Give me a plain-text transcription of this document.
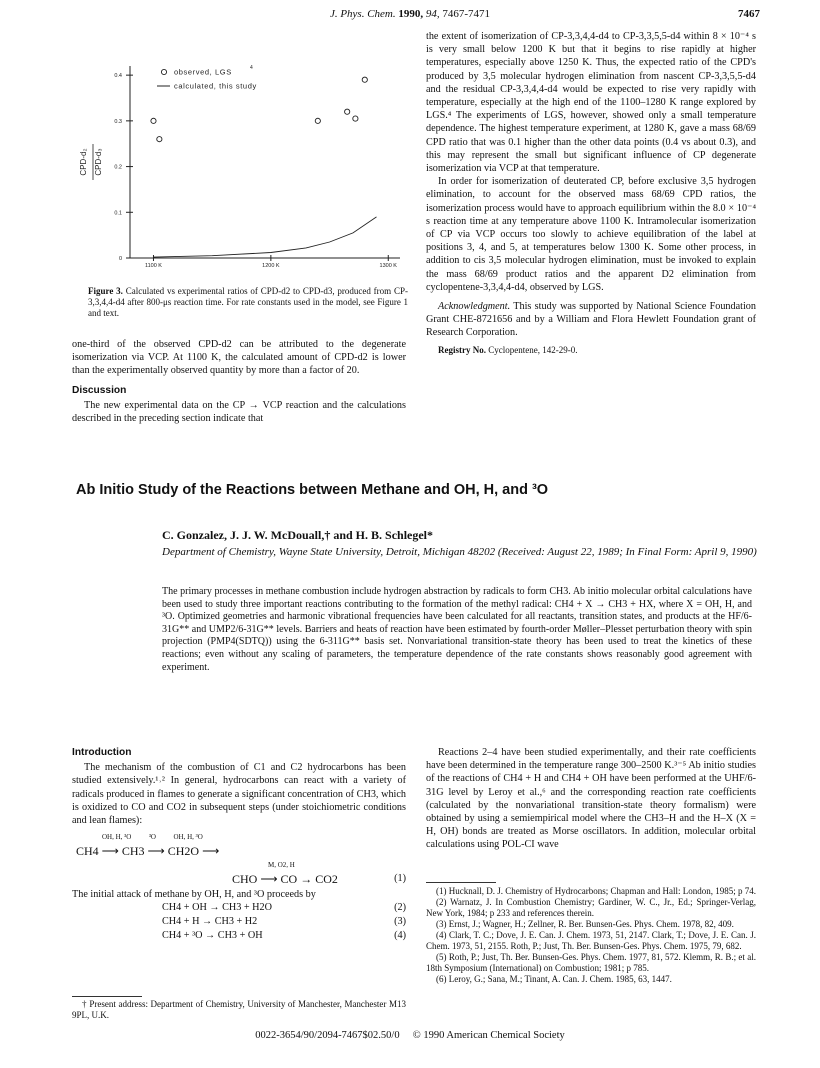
J. Phys. Chem. 1990, 94, 7467-7471	7467
0
0.1
0.2
0.3
0.4
1100 K	1200 K	1300 K
CPD-d₂ CPD-d₃
observed, LGS	4
calculated, this study
Figure 3. Calculated vs experimental ratios of CPD-d2 to CPD-d3, produced from CP-3,3,4,4-d4 after 800-μs reaction time. For rate constants used in the model, see Figure 1 and text.

one-third of the observed CPD-d2 can be attributed to the degenerate isomerization via VCP. At 1100 K, the calculated amount of CPD-d2 is lower than the experimentally observed quantity by more than a factor of 20.

Discussion

The new experimental data on the CP → VCP reaction and the calculations described in the preceding section indicate that

the extent of isomerization of CP-3,3,4,4-d4 to CP-3,3,5,5-d4 within 8 × 10⁻⁴ s is very small below 1200 K but that it begins to rise rapidly at higher temperatures, especially above 1250 K. Thus, the expected ratio of the CPD's produced by 3,5 molecular hydrogen elimination from nascent CP-3,3,5,5-d4 and the residual CP-3,3,4,4-d4 would be expected to rise very rapidly with temperature, especially at the high end of the 1100–1280 K range explored by LGS.⁴ The experiments of LGS, however, showed only a small temperature dependence. The highest temperature experiment, at 1280 K, gave a mass 68/69 CPD ratio that was 0.1 higher than the other data points (0.4 vs about 0.3), and this may represent the small but significant influence of CP degenerate isomerization via VCP at that temperature.

In order for isomerization of deuterated CP, before exclusive 3,5 hydrogen elimination, to account for the observed mass 68/69 CPD ratios, the isomerization process would have to approach equilibrium within the 8.0 × 10⁻⁴ s reaction time at any temperature above 1100 K. Intramolecular isomerization of CP via VCP occurs too slowly to achieve equilibration of the label at positions 3, 4, and 5, at temperatures below 1300 K. Some other process, in addition to cis 3,5 molecular hydrogen elimination, must be invoked to explain the mass 68/69 product ratios and the apparent D2 elimination from cyclopentene-3,3,4,4-d4, observed by LGS.

Acknowledgment. This study was supported by National Science Foundation Grant CHE-8721656 and by a William and Flora Hewlett Foundation grant of Research Corporation.

Registry No. Cyclopentene, 142-29-0.

Ab Initio Study of the Reactions between Methane and OH, H, and ³O
C. Gonzalez, J. J. W. McDouall,† and H. B. Schlegel*
Department of Chemistry, Wayne State University, Detroit, Michigan 48202 (Received: August 22, 1989; In Final Form: April 9, 1990)
The primary processes in methane combustion include hydrogen abstraction by radicals to form CH3. Ab initio molecular orbital calculations have been used to study three important reactions contributing to the formation of the methyl radical: CH4 + X → CH3 + HX, where X = OH, H, and ³O. Optimized geometries and harmonic vibrational frequencies have been calculated for all reactants, transition states, and products at the HF/6-31G** and UMP2/6-31G** levels. Barriers and heats of reaction have been estimated by fourth-order Møller–Plesset perturbation theory with spin projection (PMP4(SDTQ)) using the 6-311G** basis set. Nonvariational transition-state theory has been used to treat the kinetics of these reactions; even without any scaling of parameters, the temperature dependence of the rate constants shows reasonably good agreement with experiment.
Introduction

The mechanism of the combustion of C1 and C2 hydrocarbons has been studied extensively.¹˒² In general, hydrocarbons can react with a variety of radicals produced in flames to generate a significant concentration of CH3, which is oxidized to CO and CO2 in subsequent steps (under stoichiometric conditions and lean flames):

OH, H, ³O          ³O          OH, H, ³O
CH4 ⟶ CH3 ⟶ CH2O ⟶
M, O2, H
CHO ⟶ CO → CO2	(1)

The initial attack of methane by OH, H, and ³O proceeds by

CH4 + OH → CH3 + H2O	(2)
CH4 + H → CH3 + H2	(3)
CH4 + ³O → CH3 + OH	(4)

† Present address: Department of Chemistry, University of Manchester, Manchester M13 9PL, U.K.

Reactions 2–4 have been studied experimentally, and their rate coefficients have been determined in the temperature range 300–2500 K.³⁻⁵ Ab initio studies of the reactions of CH4 + H and CH4 + OH have been performed at the UHF/6-31G level by Leroy et al.,⁶ and the corresponding reaction rate coefficients (calculated by the nonvariational transition-state theory formalism) were obtained by using a semiempirical model where the CH3–H and the H–X (X = H, OH) bonds are treated as Morse oscillators. In addition, molecular orbital calculations using POL-CI wave

(1) Hucknall, D. J. Chemistry of Hydrocarbons; Chapman and Hall: London, 1985; p 74.

(2) Warnatz, J. In Combustion Chemistry; Gardiner, W. C., Jr., Ed.; Springer-Verlag, New York, 1984; p 233 and references therein.

(3) Ernst, J.; Wagner, H.; Zellner, R. Ber. Bunsen-Ges. Phys. Chem. 1978, 82, 409.

(4) Clark, T. C.; Dove, J. E. Can. J. Chem. 1973, 51, 2147. Clark, T.; Dove, J. E. Can. J. Chem. 1973, 51, 2155. Roth, P.; Just, Th. Ber. Bunsen-Ges. Phys. Chem. 1975, 79, 682.

(5) Roth, P.; Just, Th. Ber. Bunsen-Ges. Phys. Chem. 1977, 81, 572. Klemm, R. B.; et al. 18th Symposium (International) on Combustion; 1981; p 785.

(6) Leroy, G.; Sana, M.; Tinant, A. Can. J. Chem. 1985, 63, 1447.

0022-3654/90/2094-7467$02.50/0 © 1990 American Chemical Society
